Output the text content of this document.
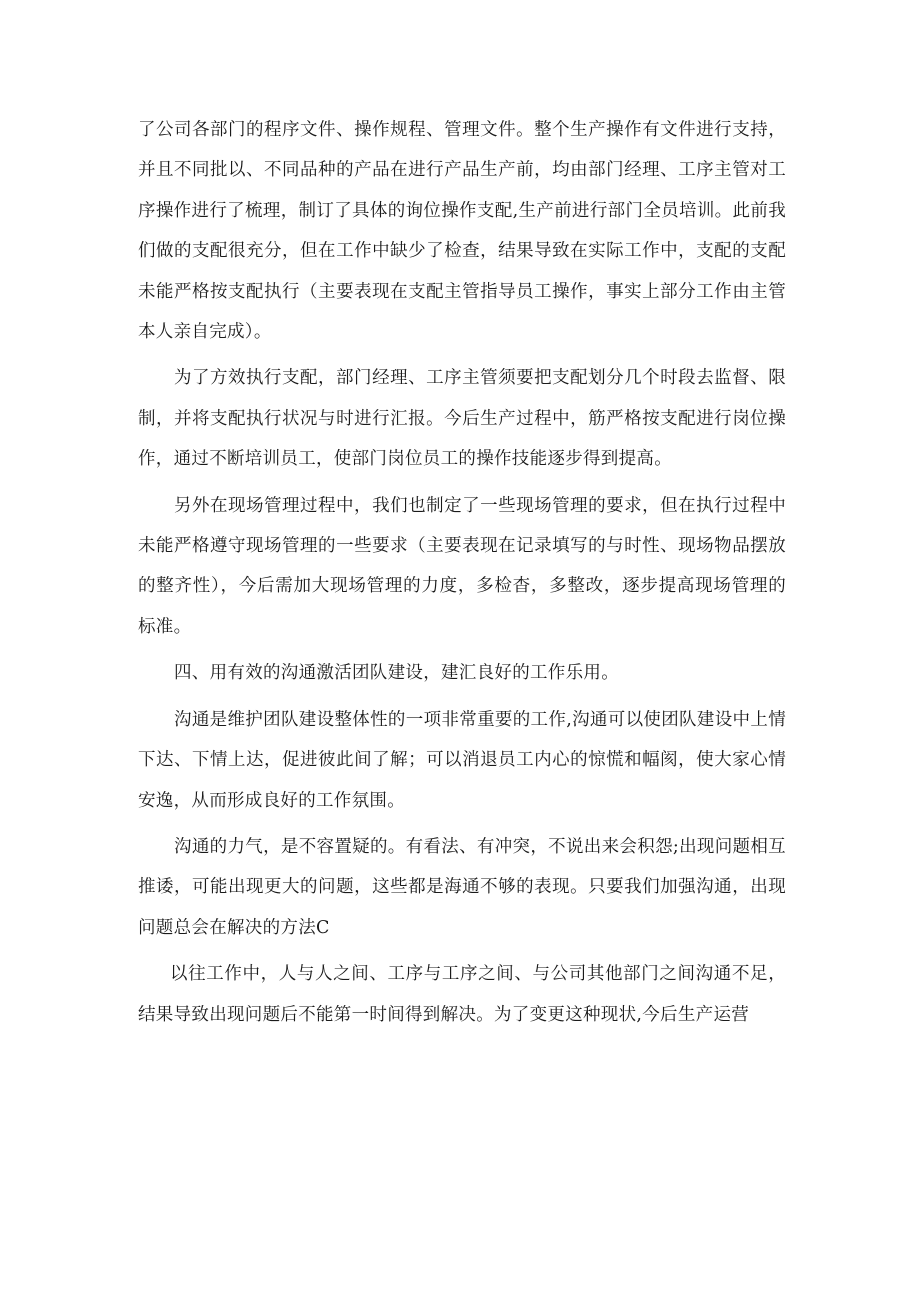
了公司各部门的程序文件、操作规程、管理文件。整个生产操作有文件进行支持，并且不同批以、不同品种的产品在进行产品生产前，均由部门经理、工序主管对工序操作进行了梳理，制订了具体的询位操作支配,生产前进行部门全员培训。此前我们做的支配很充分，但在工作中缺少了检查，结果导致在实际工作中，支配的支配未能严格按支配执行（主要表现在支配主管指导员工操作，事实上部分工作由主管本人亲自完成）。

为了方效执行支配，部门经理、工序主管须要把支配划分几个时段去监督、限制，并将支配执行状况与时进行汇报。今后生产过程中，筋严格按支配进行岗位操作，通过不断培训员工，使部门岗位员工的操作技能逐步得到提高。

另外在现场管理过程中，我们也制定了一些现场管理的要求，但在执行过程中未能严格遵守现场管理的一些要求（主要表现在记录填写的与时性、现场物品摆放的整齐性），今后需加大现场管理的力度，多检杳，多整改，逐步提高现场管理的标准。

四、用有效的沟通激活团队建设，建汇良好的工作乐用。

沟通是维护团队建设整体性的一项非常重要的工作,沟通可以使团队建设中上情下达、下情上达，促进彼此间了解；可以消退员工内心的惊慌和幅阂，使大家心情安逸，从而形成良好的工作氛围。

沟通的力气，是不容置疑的。有看法、有冲突，不说出来会积怨;出现问题相互推诿，可能出现更大的问题，这些都是海通不够的表现。只要我们加强沟通，出现问题总会在解决的方法C

以往工作中，人与人之间、工序与工序之间、与公司其他部门之间沟通不足，结果导致出现问题后不能第一时间得到解决。为了变更这种现状,今后生产运营
